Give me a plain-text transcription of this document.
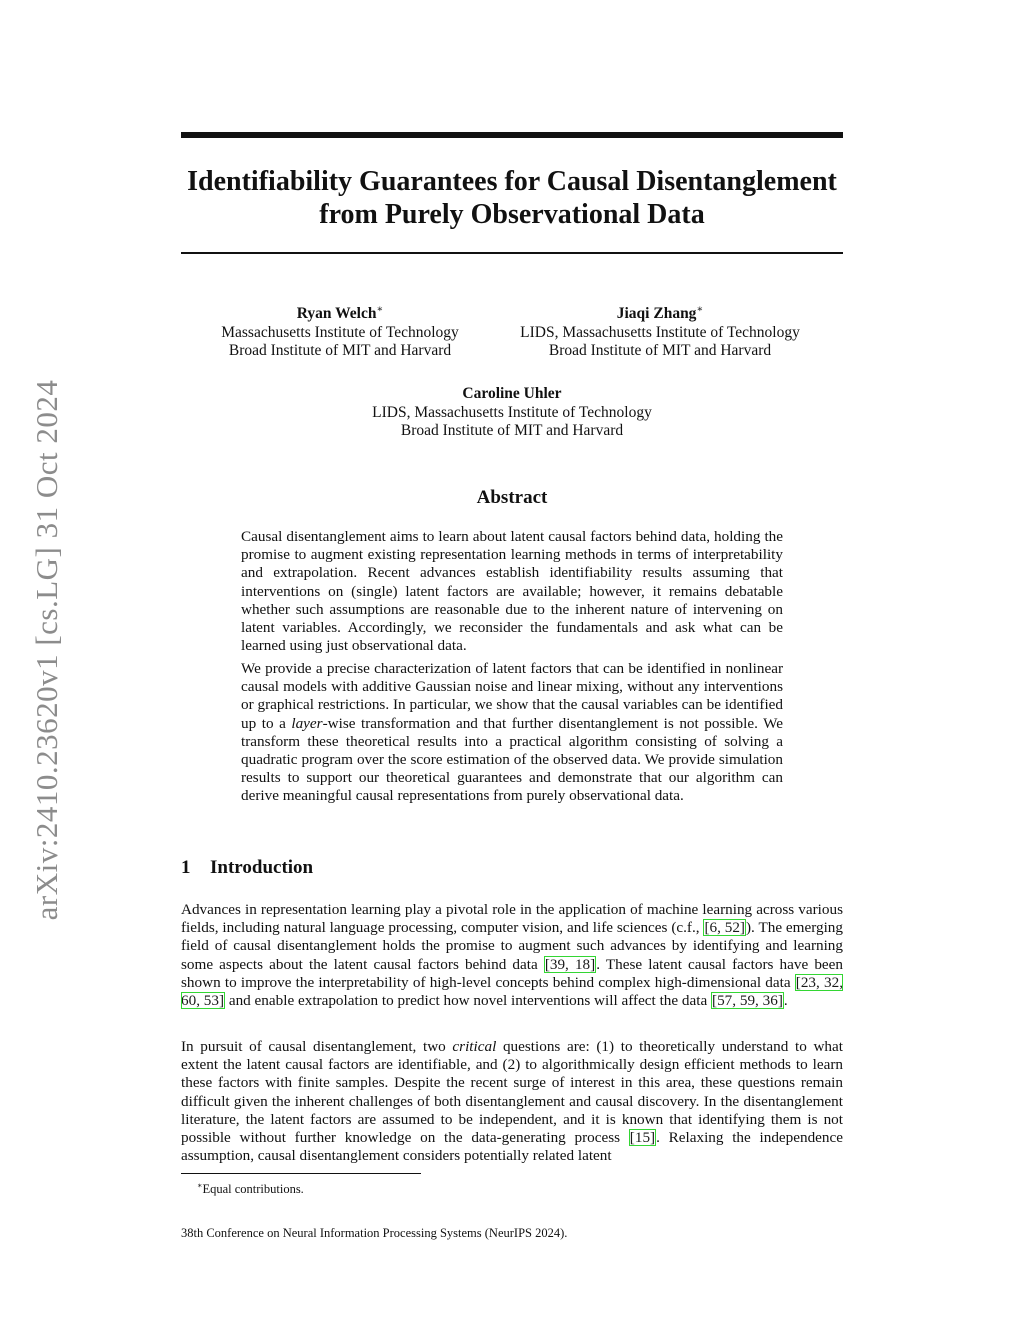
arXiv:2410.23620v1 [cs.LG] 31 Oct 2024
Identifiability Guarantees for Causal Disentanglement
from Purely Observational Data
Ryan Welch∗
Massachusetts Institute of Technology
Broad Institute of MIT and Harvard
Jiaqi Zhang∗
LIDS, Massachusetts Institute of Technology
Broad Institute of MIT and Harvard
Caroline Uhler
LIDS, Massachusetts Institute of Technology
Broad Institute of MIT and Harvard
Abstract
Causal disentanglement aims to learn about latent causal factors behind data, holding the promise to augment existing representation learning methods in terms of interpretability and extrapolation. Recent advances establish identifiability results assuming that interventions on (single) latent factors are available; however, it remains debatable whether such assumptions are reasonable due to the inherent nature of intervening on latent variables. Accordingly, we reconsider the fundamentals and ask what can be learned using just observational data.
We provide a precise characterization of latent factors that can be identified in nonlinear causal models with additive Gaussian noise and linear mixing, without any interventions or graphical restrictions. In particular, we show that the causal variables can be identified up to a layer-wise transformation and that further disentanglement is not possible. We transform these theoretical results into a practical algorithm consisting of solving a quadratic program over the score estimation of the observed data. We provide simulation results to support our theoretical guarantees and demonstrate that our algorithm can derive meaningful causal representations from purely observational data.
1 Introduction
Advances in representation learning play a pivotal role in the application of machine learning across various fields, including natural language processing, computer vision, and life sciences (c.f., [6, 52]). The emerging field of causal disentanglement holds the promise to augment such advances by identifying and learning some aspects about the latent causal factors behind data [39, 18]. These latent causal factors have been shown to improve the interpretability of high-level concepts behind complex high-dimensional data [23, 32, 60, 53] and enable extrapolation to predict how novel interventions will affect the data [57, 59, 36].
In pursuit of causal disentanglement, two critical questions are: (1) to theoretically understand to what extent the latent causal factors are identifiable, and (2) to algorithmically design efficient methods to learn these factors with finite samples. Despite the recent surge of interest in this area, these questions remain difficult given the inherent challenges of both disentanglement and causal discovery. In the disentanglement literature, the latent factors are assumed to be independent, and it is known that identifying them is not possible without further knowledge on the data-generating process [15]. Relaxing the independence assumption, causal disentanglement considers potentially related latent
∗Equal contributions.
38th Conference on Neural Information Processing Systems (NeurIPS 2024).
